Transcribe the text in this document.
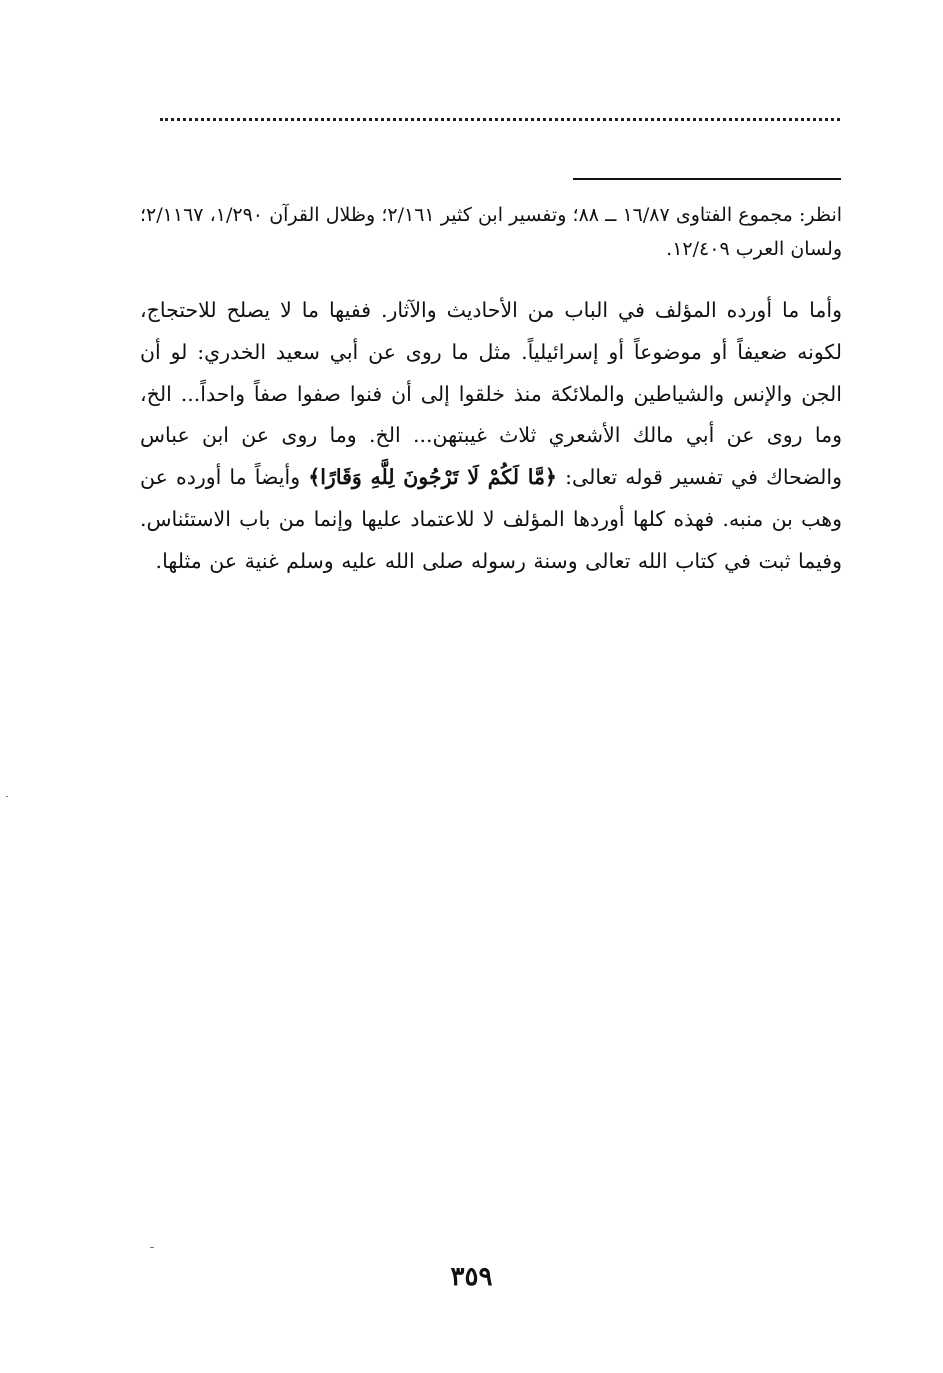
انظر: مجموع الفتاوى ١٦/٨٧ ــ ٨٨؛ وتفسير ابن كثير ٢/١٦١؛ وظلال القرآن ١/٢٩٠، ٢/١١٦٧؛ ولسان العرب ١٢/٤٠٩.
وأما ما أورده المؤلف في الباب من الأحاديث والآثار. ففيها ما لا يصلح للاحتجاج، لكونه ضعيفاً أو موضوعاً أو إسرائيلياً. مثل ما روى عن أبي سعيد الخدري: لو أن الجن والإنس والشياطين والملائكة منذ خلقوا إلى أن فنوا صفوا صفاً واحداً... الخ، وما روى عن أبي مالك الأشعري ثلاث غيبتهن... الخ. وما روى عن ابن عباس والضحاك في تفسير قوله تعالى: ﴿مَّا لَكُمْ لَا تَرْجُونَ لِلَّهِ وَقَارًا﴾ وأيضاً ما أورده عن وهب بن منبه. فهذه كلها أوردها المؤلف لا للاعتماد عليها وإنما من باب الاستئناس. وفيما ثبت في كتاب الله تعالى وسنة رسوله صلى الله عليه وسلم غنية عن مثلها.
٣٥٩
